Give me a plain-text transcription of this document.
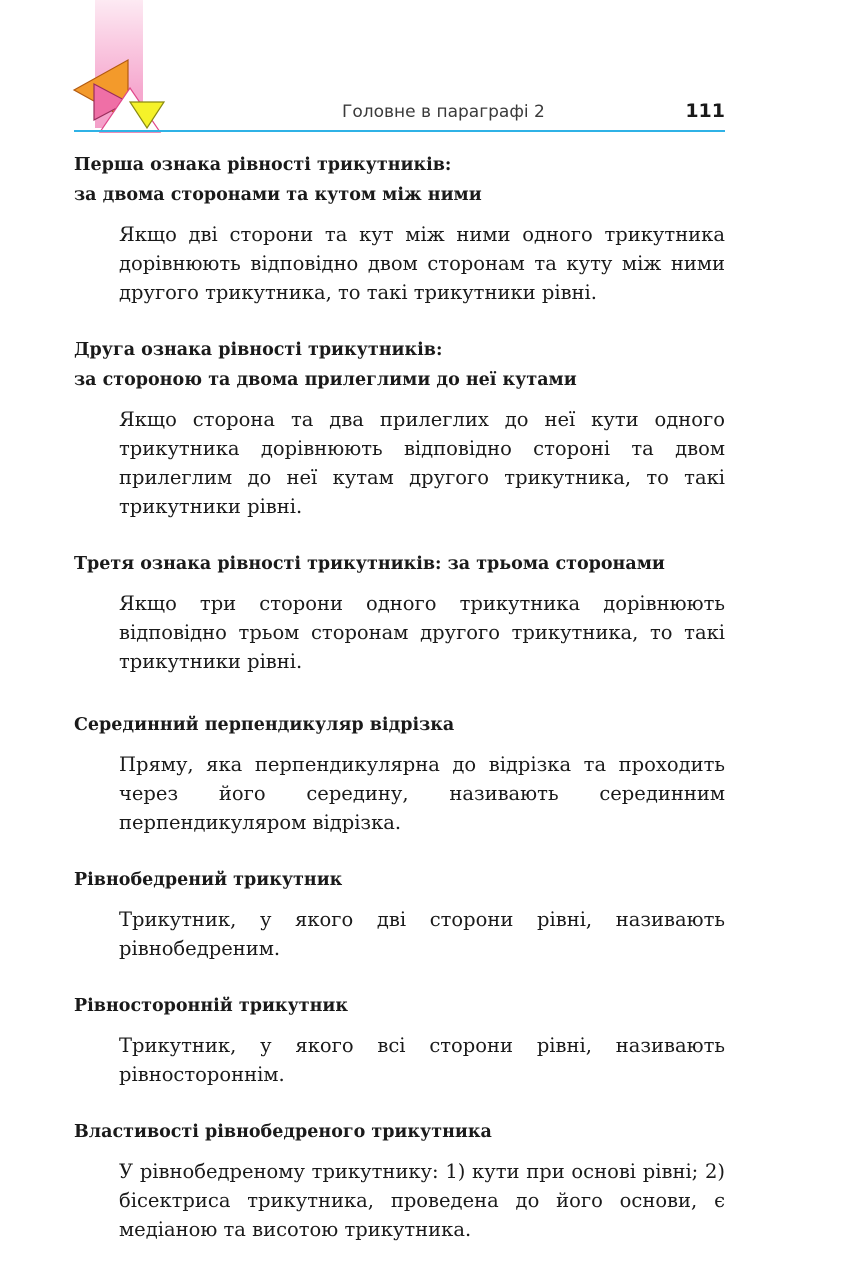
Головне в параграфі 2	111

Перша ознака рівності трикутників:
за двома сторонами та кутом між ними

Якщо дві сторони та кут між ними одного трикутника дорівнюють відповідно двом сторонам та куту між ними другого трикутника, то такі трикутники рівні.

Друга ознака рівності трикутників:
за стороною та двома прилеглими до неї кутами

Якщо сторона та два прилеглих до неї кути одного трикутника дорівнюють відповідно стороні та двом прилеглим до неї кутам другого трикутника, то такі трикутники рівні.

Третя ознака рівності трикутників: за трьома сторонами

Якщо три сторони одного трикутника дорівнюють відповідно трьом сторонам другого трикутника, то такі трикутники рівні.

Серединний перпендикуляр відрізка

Пряму, яка перпендикулярна до відрізка та проходить через його середину, називають серединним перпендикуляром відрізка.

Рівнобедрений трикутник

Трикутник, у якого дві сторони рівні, називають рівнобедреним.

Рівносторонній трикутник

Трикутник, у якого всі сторони рівні, називають рівностороннім.

Властивості рівнобедреного трикутника

У рівнобедреному трикутнику: 1) кути при основі рівні; 2) бісектриса трикутника, проведена до його основи, є медіаною та висотою трикутника.
